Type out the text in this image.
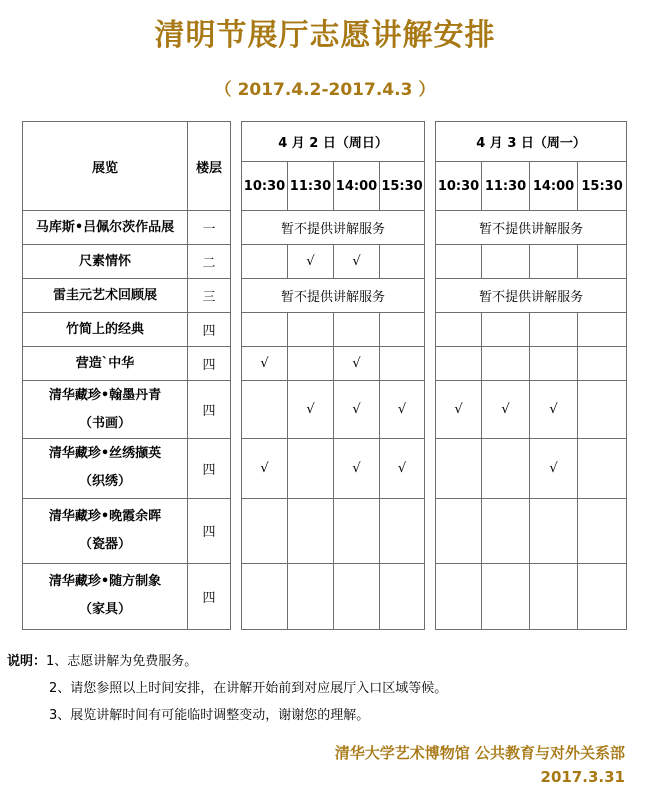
清明节展厅志愿讲解安排
（ 2017.4.2-2017.4.3 ）
展览	楼层		4 月 2 日（周日）					4 月 3 日（周一）			
			10:30	11:30	14:00	15:30		10:30	11:30	14:00	15:30

马库斯•吕佩尔茨作品展	一		暂不提供讲解服务					暂不提供讲解服务			

尺素情怀	二			√	√						

雷圭元艺术回顾展	三		暂不提供讲解服务					暂不提供讲解服务			

竹简上的经典	四										

营造`中华	四		√		√						

清华藏珍•翰墨丹青
（书画）	四			√	√	√		√	√	√	

清华藏珍•丝绣撷英
（织绣）	四		√		√	√				√	

清华藏珍•晚霞余晖
（瓷器）	四										

清华藏珍•随方制象
（家具）	四										
说明：1、志愿讲解为免费服务。
2、请您参照以上时间安排，在讲解开始前到对应展厅入口区域等候。
3、展览讲解时间有可能临时调整变动，谢谢您的理解。
清华大学艺术博物馆 公共教育与对外关系部
2017.3.31
